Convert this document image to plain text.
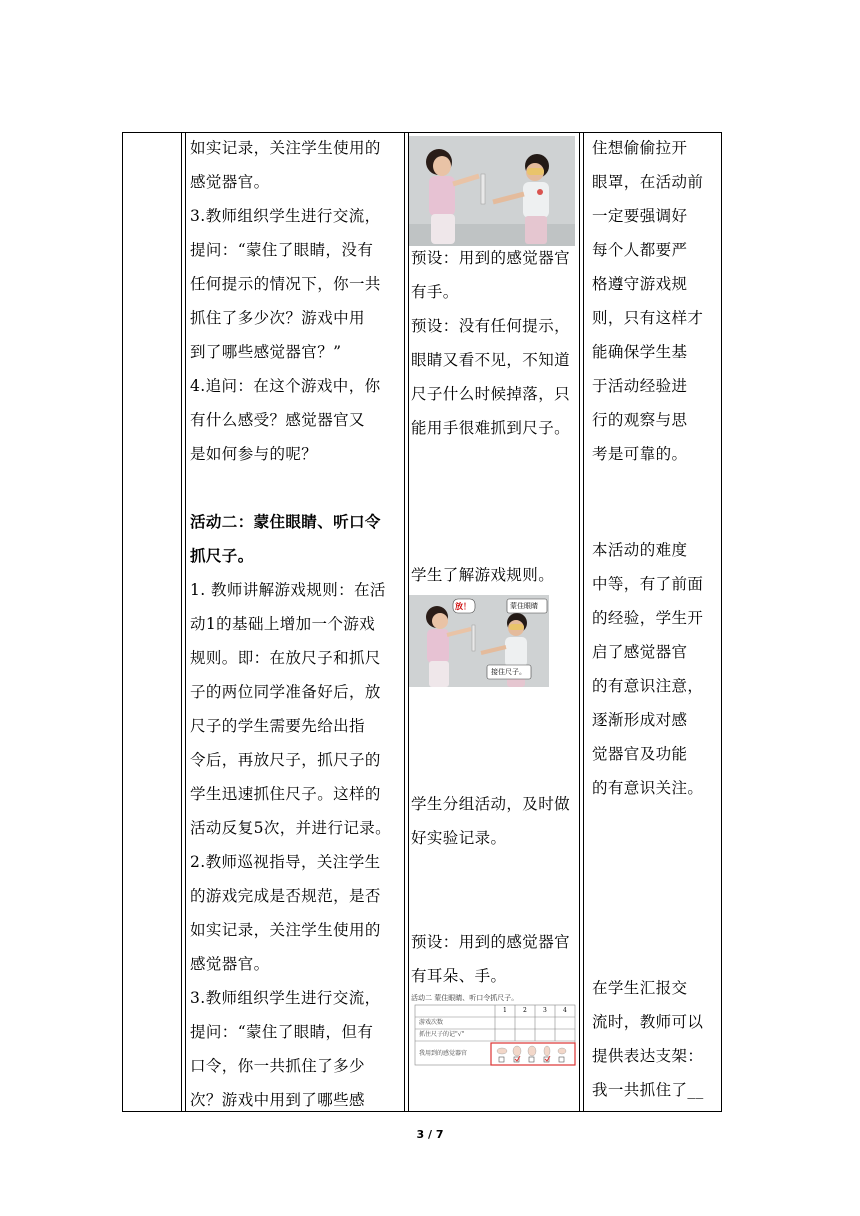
如实记录，关注学生使用的

感觉器官。

3.教师组织学生进行交流，

提问：“蒙住了眼睛，没有

任何提示的情况下，你一共

抓住了多少次？游戏中用

到了哪些感觉器官？”

4.追问：在这个游戏中，你

有什么感受？感觉器官又

是如何参与的呢？

活动二：蒙住眼睛、听口令

抓尺子。

1. 教师讲解游戏规则：在活

动1的基础上增加一个游戏

规则。即：在放尺子和抓尺

子的两位同学准备好后，放

尺子的学生需要先给出指

令后，再放尺子，抓尺子的

学生迅速抓住尺子。这样的

活动反复5次，并进行记录。

2.教师巡视指导，关注学生

的游戏完成是否规范，是否

如实记录，关注学生使用的

感觉器官。

3.教师组织学生进行交流，

提问：“蒙住了眼睛，但有

口令，你一共抓住了多少

次？游戏中用到了哪些感

预设：用到的感觉器官

有手。

预设：没有任何提示，

眼睛又看不见，不知道

尺子什么时候掉落，只

能用手很难抓到尺子。

学生了解游戏规则。

放！	蒙住眼睛
接住尺子。

学生分组活动，及时做

好实验记录。

预设：用到的感觉器官

有耳朵、手。

活动二 蒙住眼睛、听口令抓尺子。
1	2	3	4
游戏次数
抓住尺子的记"√"
我用到的感觉器官

住想偷偷拉开

眼罩，在活动前

一定要强调好

每个人都要严

格遵守游戏规

则，只有这样才

能确保学生基

于活动经验进

行的观察与思

考是可靠的。

本活动的难度

中等，有了前面

的经验，学生开

启了感觉器官

的有意识注意，

逐渐形成对感

觉器官及功能

的有意识关注。

在学生汇报交

流时，教师可以

提供表达支架：

我一共抓住了__

3 / 7
